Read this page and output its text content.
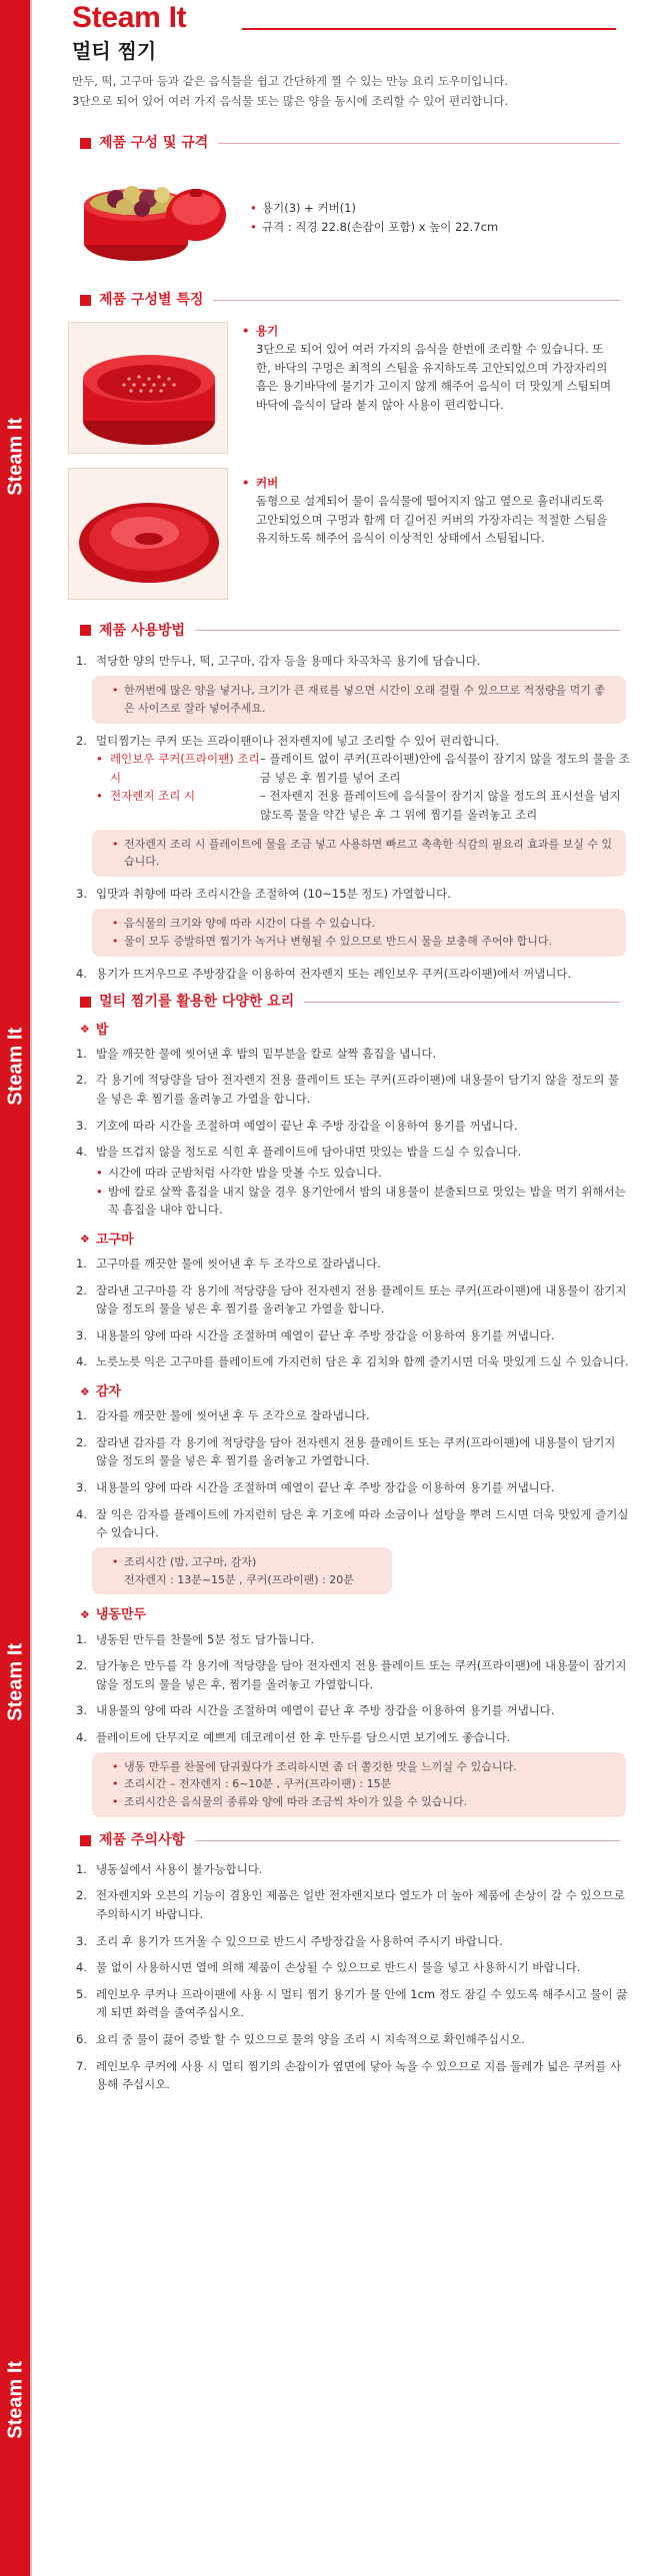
Steam It
Steam It
Steam It
Steam It
Steam It
멀티 찜기

만두, 떡, 고구마 등과 같은 음식들을 쉽고 간단하게 찔 수 있는 만능 요리 도우미입니다.

3단으로 되어 있어 여러 가지 음식물 또는 많은 양을 동시에 조리할 수 있어 편리합니다.

제품 구성 및 규격
• 용기(3) + 커버(1)
• 규격 : 직경 22.8(손잡이 포함) x 높이 22.7cm
제품 구성별 특징
• 용기
3단으로 되어 있어 여러 가지의 음식을 한번에 조리할 수 있습니다. 또한, 바닥의 구멍은 최적의 스팀을 유지하도록 고안되었으며 가장자리의 흠은 용기바닥에 물기가 고이지 않게 해주어 음식이 더 맛있게 스팀되며 바닥에 음식이 달라 붙지 않아 사용이 편리합니다.
• 커버
돔형으로 설계되어 물이 음식물에 떨어지지 않고 옆으로 흘러내리도록 고안되었으며 구멍과 함께 더 길어진 커버의 가장자리는 적절한 스팀을 유지하도록 해주어 음식이 이상적인 상태에서 스팀됩니다.
제품 사용방법
1. 적당한 양의 만두나, 떡, 고구마, 감자 등을 용매다 차곡차곡 용기에 담습니다.
• 한꺼번에 많은 양을 넣거나, 크기가 큰 재료를 넣으면 시간이 오래 걸릴 수 있으므로 적정량을 먹기 좋은 사이즈로 잘라 넣어주세요.
2. 멀티찜기는 쿠커 또는 프라이팬이나 전자렌지에 넣고 조리할 수 있어 편리합니다.
• 레인보우 쿠커(프라이팬) 조리 시
– 플레이트 없이 쿠커(프라이팬)안에 음식물이 잠기지 않을 정도의 물을 조금 넣은 후 찜기를 넣어 조리
• 전자렌지 조리 시	– 전자렌지 전용 플레이트에 음식물이 잠기지 않을 정도의 표시선을 넘지 않도록 물을 약간 넣은 후 그 위에 찜기를 올려놓고 조리
• 전자렌지 조리 시 플레이트에 물을 조금 넣고 사용하면 빠르고 촉촉한 식감의 필요리 효과를 보실 수 있습니다.
3. 입맛과 취향에 따라 조리시간을 조절하여 (10~15분 정도) 가열합니다.
• 음식물의 크기와 양에 따라 시간이 다를 수 있습니다.
• 물이 모두 증발하면 찜기가 녹거나 변형될 수 있으므로 반드시 물을 보충해 주어야 합니다.
4. 용기가 뜨거우므로 주방장갑을 이용하여 전자렌지 또는 레인보우 쿠커(프라이팬)에서 꺼냅니다.
멀티 찜기를 활용한 다양한 요리
❖ 밥
1. 밥을 깨끗한 물에 씻어낸 후 밥의 밑부분을 칼로 살짝 흠집을 냅니다.
2. 각 용기에 적당량을 담아 전자렌지 전용 플레이트 또는 쿠커(프라이팬)에 내용물이 담기지 않을 정도의 물을 넣은 후 찜기를 올려놓고 가열을 합니다.
3. 기호에 따라 시간을 조절하며 예열이 끝난 후 주방 장갑을 이용하여 용기를 꺼냅니다.
4. 밥을 뜨겁지 않을 정도로 식힌 후 플레이트에 담아내면 맛있는 밥을 드실 수 있습니다.
• 시간에 따라 군밤처럼 사각한 밥을 맛볼 수도 있습니다.
• 밤에 칼로 살짝 흠집을 내지 않을 경우 용기안에서 밤의 내용물이 분출되므로 맛있는 밥을 먹기 위해서는 꼭 흠집을 내야 합니다.
❖ 고구마
1. 고구마를 깨끗한 물에 씻어낸 후 두 조각으로 잘라냅니다.
2. 잘라낸 고구마를 각 용기에 적당량을 담아 전자렌지 전용 플레이트 또는 쿠커(프라이팬)에 내용물이 잠기지 않을 정도의 물을 넣은 후 찜기를 올려놓고 가열을 합니다.
3. 내용물의 양에 따라 시간을 조절하며 예열이 끝난 후 주방 장갑을 이용하여 용기를 꺼냅니다.
4. 노릇노릇 익은 고구마를 플레이트에 가지런히 담은 후 김치와 함께 즐기시면 더욱 맛있게 드실 수 있습니다.
❖ 감자
1. 감자를 깨끗한 물에 씻어낸 후 두 조각으로 잘라냅니다.
2. 잘라낸 감자를 각 용기에 적당량을 담아 전자렌지 전용 플레이트 또는 쿠커(프라이팬)에 내용물이 담기지 않을 정도의 물을 넣은 후 찜기를 올려놓고 가열합니다.
3. 내용물의 양에 따라 시간을 조절하며 예열이 끝난 후 주방 장갑을 이용하여 용기를 꺼냅니다.
4. 잘 익은 감자를 플레이트에 가지런히 담은 후 기호에 따라 소금이나 설탕을 뿌려 드시면 더욱 맛있게 즐기실 수 있습니다.
• 조리시간 (밤, 고구마, 감자)
전자렌지 : 13분~15분 , 쿠커(프라이팬) : 20분
❖ 냉동만두
1. 냉동된 만두를 찬물에 5분 정도 담가둡니다.
2. 담가놓은 만두를 각 용기에 적당량을 담아 전자렌지 전용 플레이트 또는 쿠커(프라이팬)에 내용물이 잠기지 않을 정도의 물을 넣은 후, 찜기를 올려놓고 가열합니다.
3. 내용물의 양에 따라 시간을 조절하며 예열이 끝난 후 주방 장갑을 이용하여 용기를 꺼냅니다.
4. 플레이트에 단무지로 예쁘게 데코레이션 한 후 만두를 담으시면 보기에도 좋습니다.
• 냉동 만두를 찬물에 담궈줬다가 조리하시면 좀 더 쫄깃한 맛을 느끼실 수 있습니다.
• 조리시간 – 전자렌지 : 6~10분 , 쿠커(프라이팬) : 15분
• 조리시간은 음식물의 종류와 양에 따라 조금씩 차이가 있을 수 있습니다.
제품 주의사항
1. 냉동실에서 사용이 불가능합니다.
2. 전자렌지와 오븐의 기능이 겸용인 제품은 일반 전자렌지보다 열도가 더 높아 제품에 손상이 갈 수 있으므로 주의하시기 바랍니다.
3. 조리 후 용기가 뜨거울 수 있으므로 반드시 주방장갑을 사용하여 주시기 바랍니다.
4. 물 없이 사용하시면 열에 의해 제품이 손상될 수 있으므로 반드시 물을 넣고 사용하시기 바랍니다.
5. 레인보우 쿠커나 프라이팬에 사용 시 멀티 찜기 용기가 물 안에 1cm 정도 잠길 수 있도록 해주시고 물이 끓게 되면 화력을 줄여주십시오.
6. 요리 중 물이 끓어 증발 할 수 있으므로 물의 양을 조리 시 지속적으로 확인해주십시오.
7. 레인보우 쿠커에 사용 시 멀티 찜기의 손잡이가 옆면에 닿아 녹을 수 있으므로 지름 둘레가 넓은 쿠커를 사용해 주십시오.
